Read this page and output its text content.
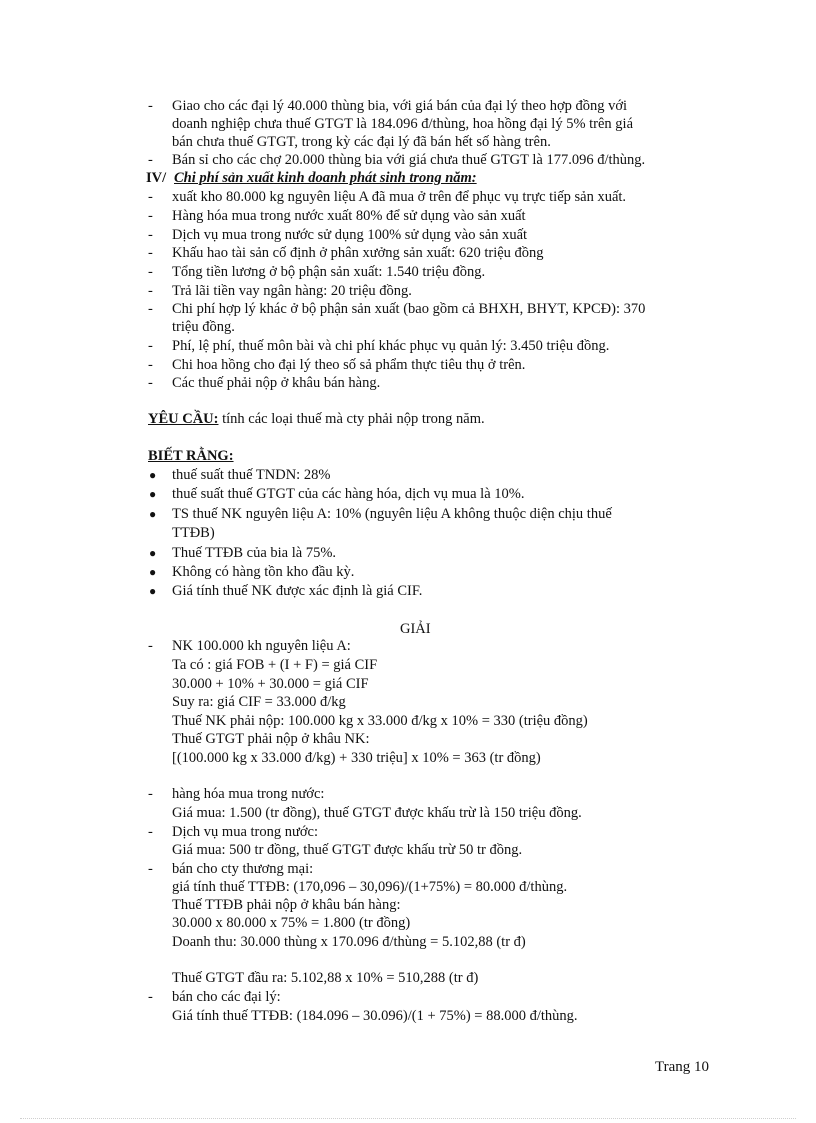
- Giao cho các đại lý 40.000 thùng bia, với giá bán của đại lý theo hợp đồng với
doanh nghiệp chưa thuế GTGT là 184.096 đ/thùng, hoa hồng đại lý 5% trên giá
bán chưa thuế GTGT, trong kỳ các đại lý đã bán hết số hàng trên.
- Bán sỉ cho các chợ 20.000 thùng bia với giá chưa thuế GTGT là 177.096 đ/thùng.
IV/ Chi phí sản xuất kinh doanh phát sinh trong năm:
- xuất kho 80.000 kg nguyên liệu A đã mua ở trên để phục vụ trực tiếp sản xuất.
- Hàng hóa mua trong nước xuất 80% để sử dụng vào sản xuất
- Dịch vụ mua trong nước sử dụng 100% sử dụng vào sản xuất
- Khấu hao tài sản cố định ở phân xưởng sản xuất: 620 triệu đồng
- Tổng tiền lương ở bộ phận sản xuất: 1.540 triệu đồng.
- Trả lãi tiền vay ngân hàng: 20 triệu đồng.
- Chi phí hợp lý khác ở bộ phận sản xuất (bao gồm cả BHXH, BHYT, KPCĐ): 370
triệu đồng.
- Phí, lệ phí, thuế môn bài và chi phí khác phục vụ quản lý: 3.450 triệu đồng.
- Chi hoa hồng cho đại lý theo số sả phẩm thực tiêu thụ ở trên.
- Các thuế phải nộp ở khâu bán hàng.
YÊU CẦU: tính các loại thuế mà cty phải nộp trong năm.
BIẾT RẰNG:
● thuế suất thuế TNDN: 28%
● thuế suất thuế GTGT của các hàng hóa, dịch vụ mua là 10%.
● TS thuế NK nguyên liệu A: 10% (nguyên liệu A không thuộc diện chịu thuế
TTĐB)
● Thuế TTĐB của bia là 75%.
● Không có hàng tồn kho đầu kỳ.
● Giá tính thuế NK được xác định là giá CIF.
GIẢI
- NK 100.000 kh nguyên liệu A:
Ta có : giá FOB + (I + F) = giá CIF
30.000 + 10% + 30.000 = giá CIF
Suy ra: giá CIF = 33.000 đ/kg
Thuế NK phải nộp: 100.000 kg x 33.000 đ/kg x 10% = 330 (triệu đồng)
Thuế GTGT phải nộp ở khâu NK:
[(100.000 kg x 33.000 đ/kg) + 330 triệu] x 10% = 363 (tr đồng)
- hàng hóa mua trong nước:
Giá mua: 1.500 (tr đồng), thuế GTGT được khấu trừ là 150 triệu đồng.
- Dịch vụ mua trong nước:
Giá mua: 500 tr đồng, thuế GTGT được khấu trừ 50 tr đồng.
- bán cho cty thương mại:
giá tính thuế TTĐB: (170,096 – 30,096)/(1+75%) = 80.000 đ/thùng.
Thuế TTĐB phải nộp ở khâu bán hàng:
30.000 x 80.000 x 75% = 1.800 (tr đồng)
Doanh thu: 30.000 thùng x 170.096 đ/thùng = 5.102,88 (tr đ)
Thuế GTGT đầu ra: 5.102,88 x 10% = 510,288 (tr đ)
- bán cho các đại lý:
Giá tính thuế TTĐB: (184.096 – 30.096)/(1 + 75%) = 88.000 đ/thùng.
Trang 10
